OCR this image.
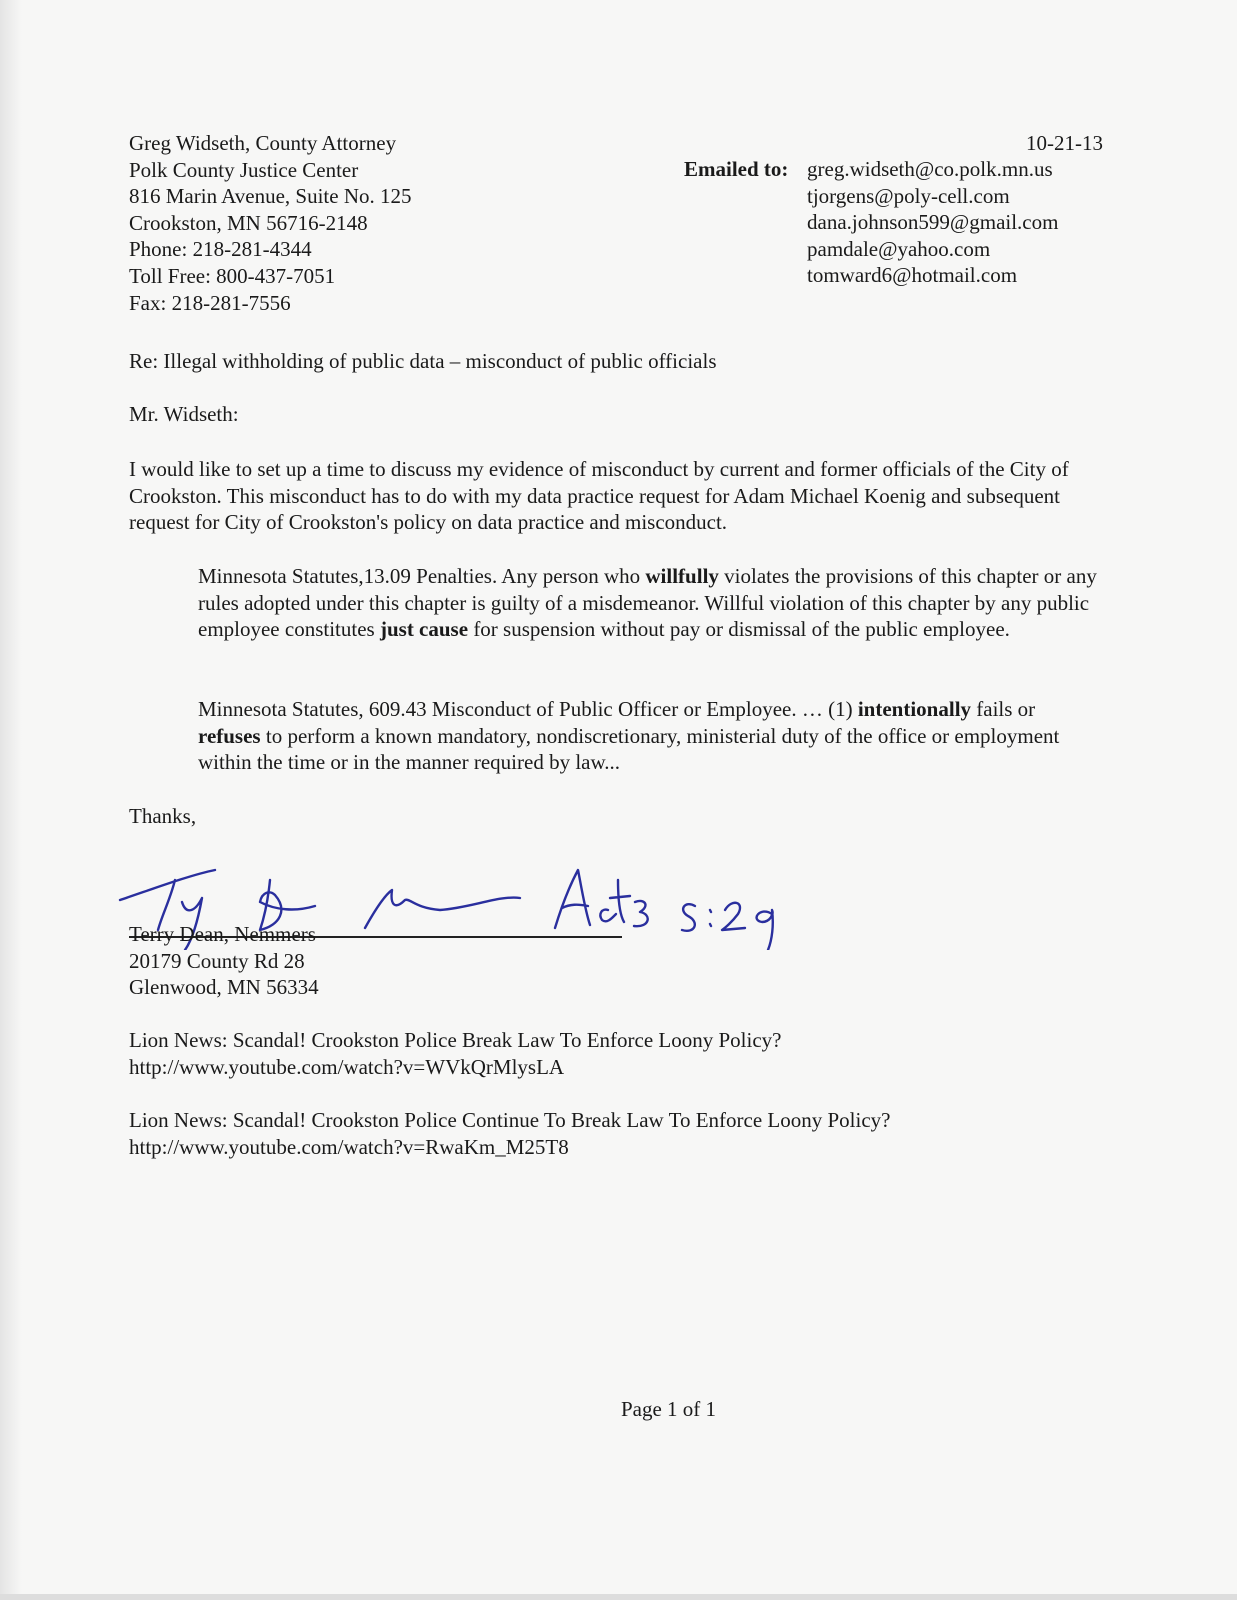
Greg Widseth, County Attorney
Polk County Justice Center
816 Marin Avenue, Suite No. 125
Crookston, MN 56716-2148
Phone: 218-281-4344
Toll Free: 800-437-7051
Fax: 218-281-7556
10-21-13
Emailed to: greg.widseth@co.polk.mn.us
tjorgens@poly-cell.com
dana.johnson599@gmail.com
pamdale@yahoo.com
tomward6@hotmail.com
Re: Illegal withholding of public data – misconduct of public officials
Mr. Widseth:
I would like to set up a time to discuss my evidence of misconduct by current and former officials of the City of Crookston. This misconduct has to do with my data practice request for Adam Michael Koenig and subsequent request for City of Crookston's policy on data practice and misconduct.
Minnesota Statutes,13.09 Penalties. Any person who willfully violates the provisions of this chapter or any rules adopted under this chapter is guilty of a misdemeanor. Willful violation of this chapter by any public employee constitutes just cause for suspension without pay or dismissal of the public employee.
Minnesota Statutes, 609.43 Misconduct of Public Officer or Employee. … (1) intentionally fails or refuses to perform a known mandatory, nondiscretionary, ministerial duty of the office or employment within the time or in the manner required by law...
Thanks,
Terry Dean, Nemmers
20179 County Rd 28
Glenwood, MN 56334
Lion News: Scandal! Crookston Police Break Law To Enforce Loony Policy?
http://www.youtube.com/watch?v=WVkQrMlysLA
Lion News: Scandal! Crookston Police Continue To Break Law To Enforce Loony Policy?
http://www.youtube.com/watch?v=RwaKm_M25T8
Page 1 of 1
